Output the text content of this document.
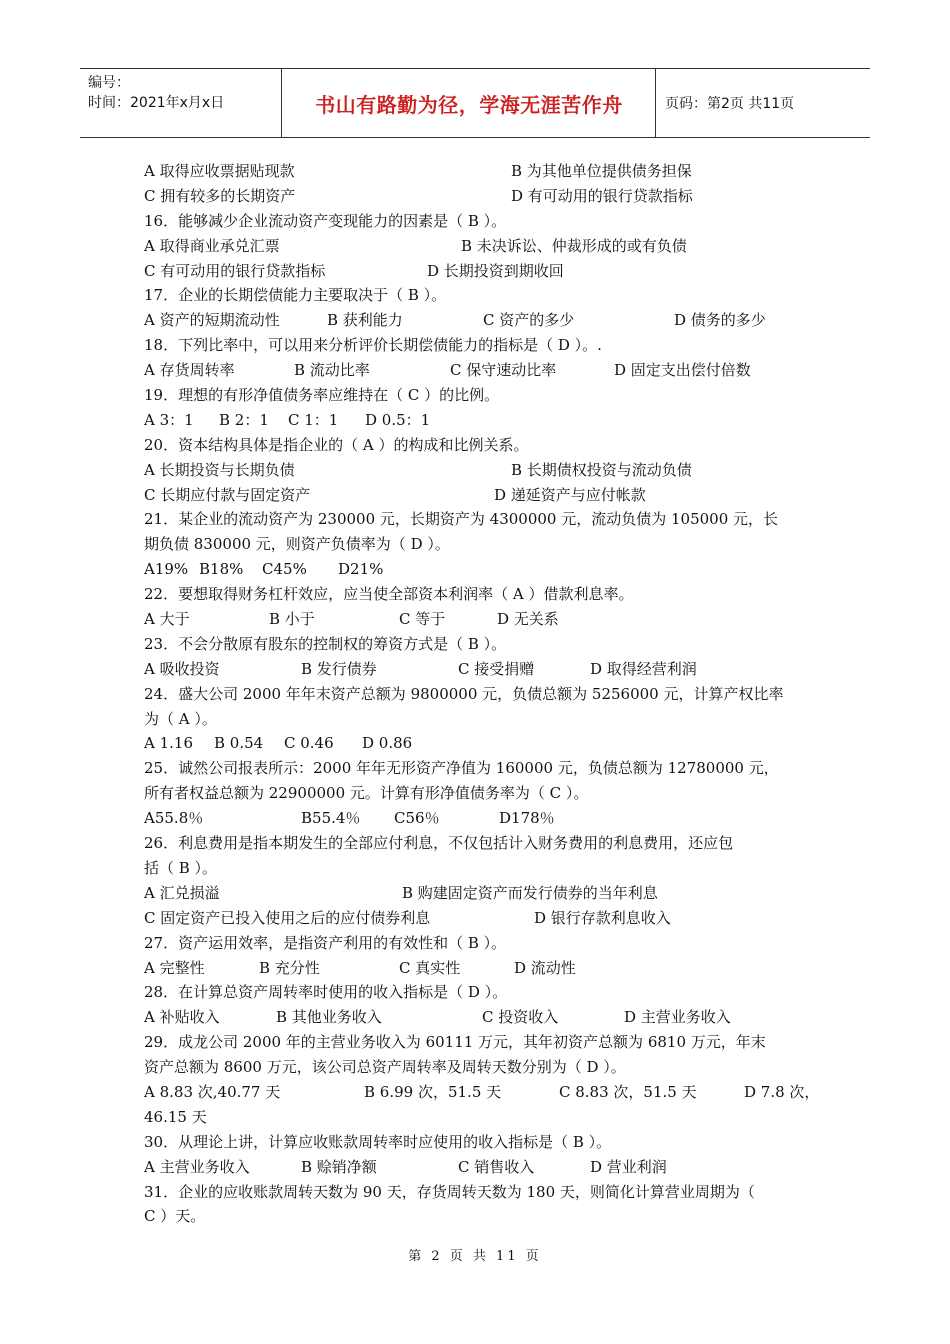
编号：
时间：2021年x月x日	书山有路勤为径，学海无涯苦作舟	页码：第2页 共11页
A 取得应收票据贴现款	B 为其他单位提供债务担保
C 拥有较多的长期资产	D 有可动用的银行贷款指标
16．能够减少企业流动资产变现能力的因素是（ B ）。
A 取得商业承兑汇票	B 未决诉讼、仲裁形成的或有负债
C 有可动用的银行贷款指标	D 长期投资到期收回
17．企业的长期偿债能力主要取决于（ B ）。
A 资产的短期流动性	B 获利能力	C 资产的多少	D 债务的多少
18．下列比率中，可以用来分析评价长期偿债能力的指标是（ D ）。.
A 存货周转率	B 流动比率	C 保守速动比率	D 固定支出偿付倍数
19．理想的有形净值债务率应维持在（ C ）的比例。
A 3：1 B 2：1 C 1：1 D 0.5：1
20．资本结构具体是指企业的（ A ）的构成和比例关系。
A 长期投资与长期负债	B 长期债权投资与流动负债
C 长期应付款与固定资产	D 递延资产与应付帐款
21．某企业的流动资产为 230000 元，长期资产为 4300000 元，流动负债为 105000 元，长
期负债 830000 元，则资产负债率为（ D ）。
A19% B18% C45% D21%
22．要想取得财务杠杆效应，应当使全部资本利润率（ A ）借款利息率。
A 大于	B 小于	C 等于	D 无关系
23．不会分散原有股东的控制权的筹资方式是（ B ）。
A 吸收投资	B 发行债券	C 接受捐赠	D 取得经营利润
24．盛大公司 2000 年年末资产总额为 9800000 元，负债总额为 5256000 元，计算产权比率
为（ A ）。
A 1.16 B 0.54 C 0.46 D 0.86
25．诚然公司报表所示：2000 年年无形资产净值为 160000 元，负债总额为 12780000 元，
所有者权益总额为 22900000 元。计算有形净值债务率为（ C ）。
A55.8％	B55.4％ C56％	D178％
26．利息费用是指本期发生的全部应付利息，不仅包括计入财务费用的利息费用，还应包
括（ B ）。
A 汇兑损溢	B 购建固定资产而发行债券的当年利息
C 固定资产已投入使用之后的应付债券利息	D 银行存款利息收入
27．资产运用效率，是指资产利用的有效性和（ B ）。
A 完整性	B 充分性	C 真实性	D 流动性
28．在计算总资产周转率时使用的收入指标是（ D ）。
A 补贴收入	B 其他业务收入	C 投资收入	D 主营业务收入
29．成龙公司 2000 年的主营业务收入为 60111 万元，其年初资产总额为 6810 万元，年末
资产总额为 8600 万元，该公司总资产周转率及周转天数分别为（ D ）。
A 8.83 次,40.77 天	B 6.99 次，51.5 天	C 8.83 次，51.5 天	D 7.8 次，
46.15 天
30．从理论上讲，计算应收账款周转率时应使用的收入指标是（ B ）。
A 主营业务收入	B 赊销净额	C 销售收入	D 营业利润
31．企业的应收账款周转天数为 90 天，存货周转天数为 180 天，则简化计算营业周期为（
C ）天。
第 2 页 共 11 页
